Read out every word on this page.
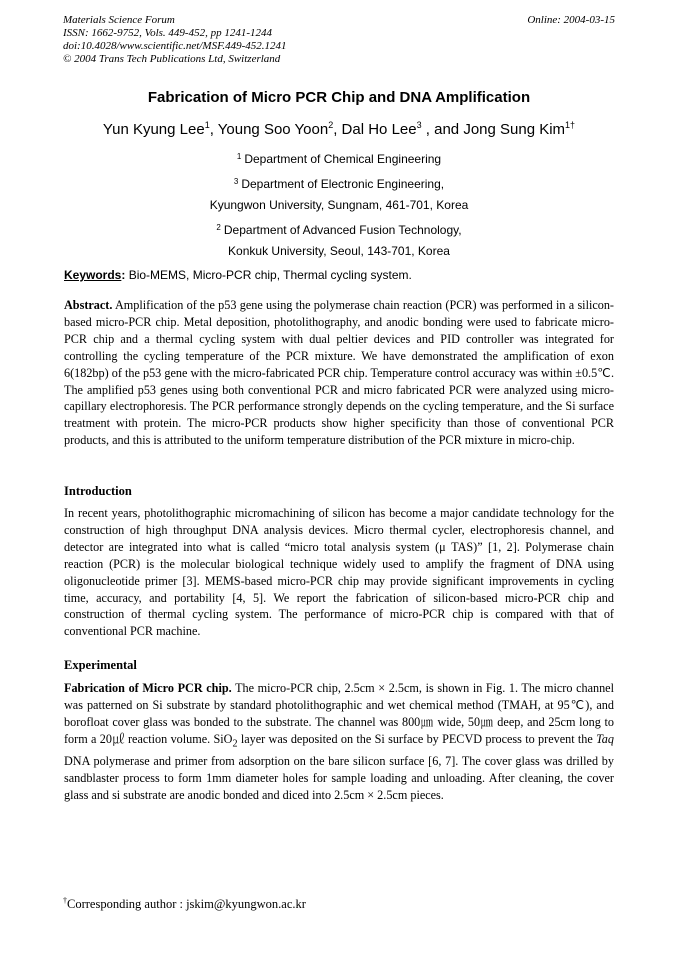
Materials Science Forum
ISSN: 1662-9752, Vols. 449-452, pp 1241-1244
doi:10.4028/www.scientific.net/MSF.449-452.1241
© 2004 Trans Tech Publications Ltd, Switzerland
Online: 2004-03-15
Fabrication of Micro PCR Chip and DNA Amplification
Yun Kyung Lee$^1$, Young Soo Yoon$^2$, Dal Ho Lee$^3$ , and Jong Sung Kim$^{1\dagger}$
$^1$ Department of Chemical Engineering
$^3$ Department of Electronic Engineering,
Kyungwon University, Sungnam, 461-701, Korea
$^2$ Department of Advanced Fusion Technology,
Konkuk University, Seoul, 143-701, Korea
Keywords: Bio-MEMS, Micro-PCR chip, Thermal cycling system.
Abstract. Amplification of the p53 gene using the polymerase chain reaction (PCR) was performed in a silicon-based micro-PCR chip. Metal deposition, photolithography, and anodic bonding were used to fabricate micro-PCR chip and a thermal cycling system with dual peltier devices and PID controller was integrated for controlling the cycling temperature of the PCR mixture. We have demonstrated the amplification of exon 6(182bp) of the p53 gene with the micro-fabricated PCR chip. Temperature control accuracy was within ±0.5℃. The amplified p53 genes using both conventional PCR and micro fabricated PCR were analyzed using micro-capillary electrophoresis. The PCR performance strongly depends on the cycling temperature, and the Si surface treatment with protein. The micro-PCR products show higher specificity than those of conventional PCR products, and this is attributed to the uniform temperature distribution of the PCR mixture in micro-chip.
Introduction
In recent years, photolithographic micromachining of silicon has become a major candidate technology for the construction of high throughput DNA analysis devices. Micro thermal cycler, electrophoresis channel, and detector are integrated into what is called “micro total analysis system (μ TAS)” [1, 2]. Polymerase chain reaction (PCR) is the molecular biological technique widely used to amplify the fragment of DNA using oligonucleotide primer [3]. MEMS-based micro-PCR chip may provide significant improvements in cycling time, accuracy, and portability [4, 5]. We report the fabrication of silicon-based micro-PCR chip and construction of thermal cycling system. The performance of micro-PCR chip is compared with that of conventional PCR machine.
Experimental
Fabrication of Micro PCR chip. The micro-PCR chip, 2.5cm × 2.5cm, is shown in Fig. 1. The micro channel was patterned on Si substrate by standard photolithographic and wet chemical method (TMAH, at 95℃), and borofloat cover glass was bonded to the substrate. The channel was 800㎛ wide, 50㎛ deep, and 25cm long to form a 20㎕ reaction volume. SiO$_2$ layer was deposited on the Si surface by PECVD process to prevent the Taq DNA polymerase and primer from adsorption on the bare silicon surface [6, 7]. The cover glass was drilled by sandblaster process to form 1mm diameter holes for sample loading and unloading. After cleaning, the cover glass and si substrate are anodic bonded and diced into 2.5cm × 2.5cm pieces.
†Corresponding author : jskim@kyungwon.ac.kr
